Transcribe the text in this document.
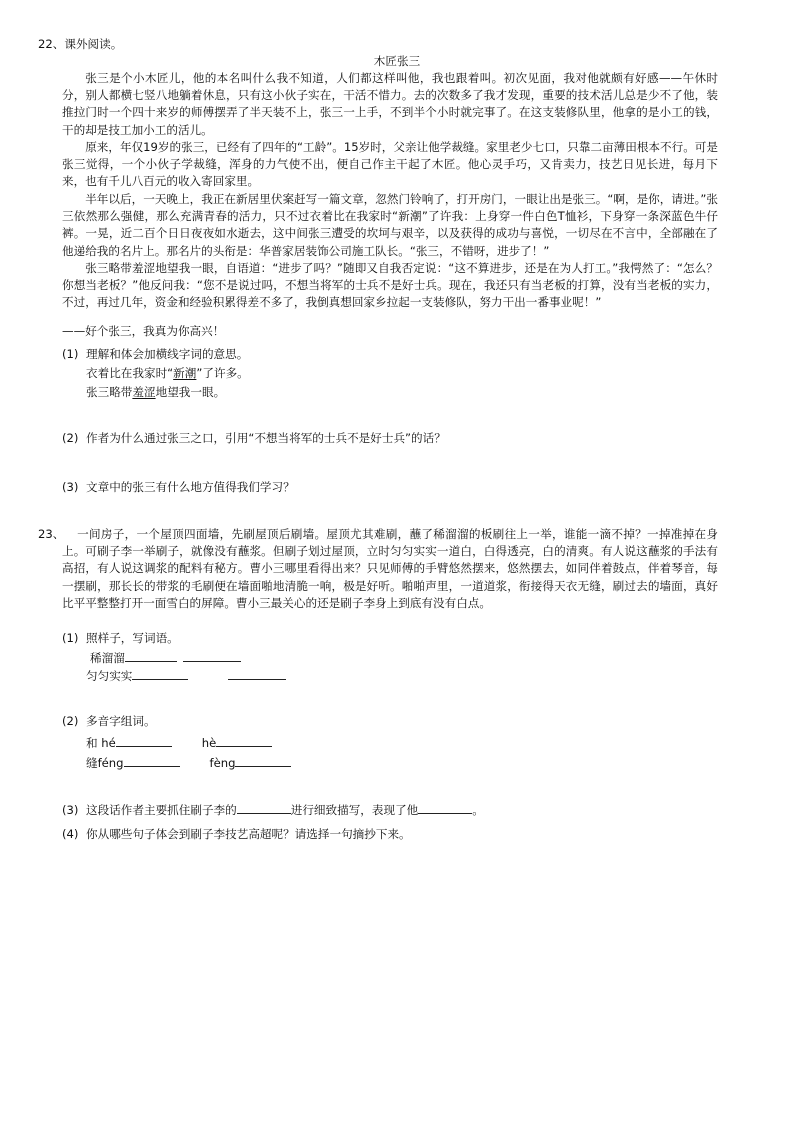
22、课外阅读。
木匠张三
张三是个小木匠儿，他的本名叫什么我不知道，人们都这样叫他，我也跟着叫。初次见面，我对他就颇有好感——午休时分，别人都横七竖八地躺着休息，只有这小伙子实在，干活不惜力。去的次数多了我才发现，重要的技术活儿总是少不了他，装推拉门时一个四十来岁的师傅摆弄了半天装不上，张三一上手，不到半个小时就完事了。在这支装修队里，他拿的是小工的钱，干的却是技工加小工的活儿。
原来，年仅19岁的张三，已经有了四年的“工龄”。15岁时，父亲让他学裁缝。家里老少七口，只靠二亩薄田根本不行。可是张三觉得，一个小伙子学裁缝，浑身的力气使不出，便自己作主干起了木匠。他心灵手巧，又肯卖力，技艺日见长进，每月下来，也有千儿八百元的收入寄回家里。
半年以后，一天晚上，我正在新居里伏案赶写一篇文章，忽然门铃响了，打开房门，一眼让出是张三。“啊，是你，请进。”张三依然那么强健，那么充满青春的活力，只不过衣着比在我家时“新潮”了许我：上身穿一件白色T恤衫，下身穿一条深蓝色牛仔裤。一晃，近二百个日日夜夜如水逝去，这中间张三遭受的坎坷与艰辛，以及获得的成功与喜悦，一切尽在不言中，全部融在了他递给我的名片上。那名片的头衔是：华普家居装饰公司施工队长。“张三，不错呀，进步了！”
张三略带羞涩地望我一眼，自语道：“进步了吗？”随即又自我否定说：“这不算进步，还是在为人打工。”我愕然了：“怎么？你想当老板？”他反问我：“您不是说过吗，不想当将军的士兵不是好士兵。现在，我还只有当老板的打算，没有当老板的实力，不过，再过几年，资金和经验积累得差不多了，我倒真想回家乡拉起一支装修队，努力干出一番事业呢！”
——好个张三，我真为你高兴！
(1) 理解和体会加横线字词的意思。
衣着比在我家时“新潮”了许多。
张三略带羞涩地望我一眼。
(2) 作者为什么通过张三之口，引用“不想当将军的士兵不是好士兵”的话？
(3) 文章中的张三有什么地方值得我们学习？
23、	一间房子，一个屋顶四面墙，先刷屋顶后刷墙。屋顶尤其难刷，蘸了稀溜溜的板刷往上一举，谁能一滴不掉？一掉准掉在身上。可刷子李一举刷子，就像没有蘸浆。但刷子划过屋顶，立时匀匀实实一道白，白得透亮，白的清爽。有人说这蘸浆的手法有高招，有人说这调浆的配料有秘方。曹小三哪里看得出来？只见师傅的手臂悠然摆来，悠然摆去，如同伴着鼓点，伴着琴音，每一摆刷，那长长的带浆的毛刷便在墙面啪地清脆一响，极是好听。啪啪声里，一道道浆，衔接得天衣无缝，刷过去的墙面，真好比平平整整打开一面雪白的屏障。曹小三最关心的还是刷子李身上到底有没有白点。
(1) 照样子，写词语。
稀溜溜
匀匀实实
(2) 多音字组词。
和 hé	hè
缝féng	fèng
(3) 这段话作者主要抓住刷子李的	进行细致描写，表现了他	。
(4) 你从哪些句子体会到刷子李技艺高超呢？请选择一句摘抄下来。
